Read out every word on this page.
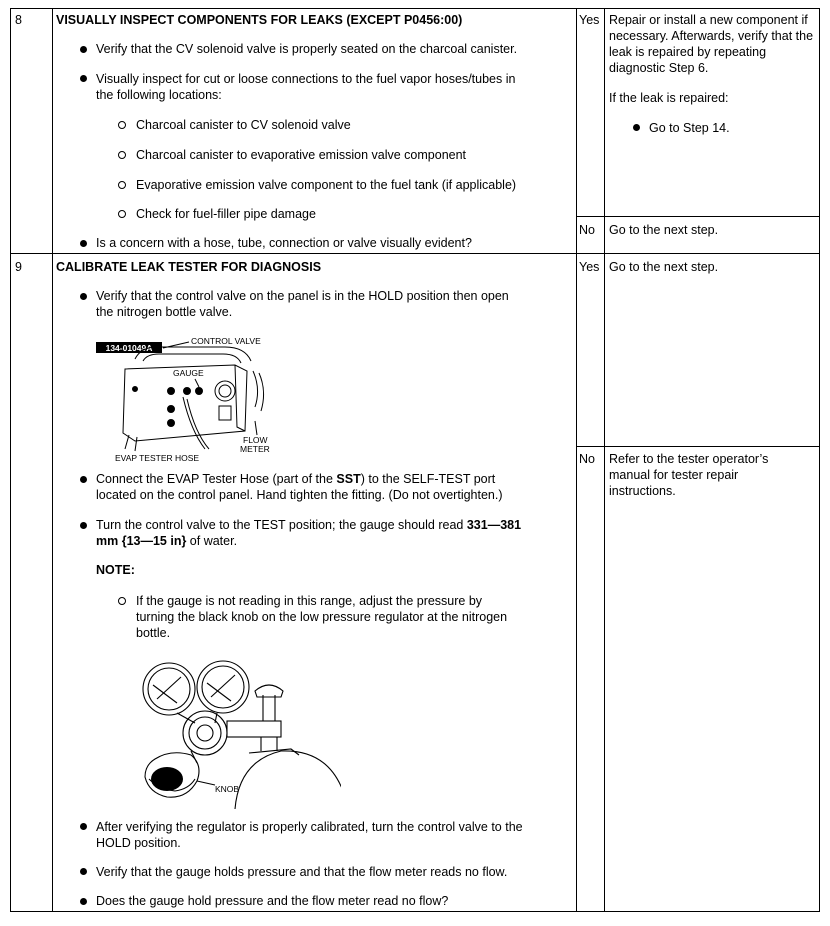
8	VISUALLY INSPECT COMPONENTS FOR LEAKS (EXCEPT P0456:00)
Verify that the CV solenoid valve is properly seated on the charcoal canister.
Visually inspect for cut or loose connections to the fuel vapor hoses/tubes in
the following locations:
Charcoal canister to CV solenoid valve
Charcoal canister to evaporative emission valve component
Evaporative emission valve component to the fuel tank (if applicable)
Check for fuel-filler pipe damage
Is a concern with a hose, tube, connection or valve visually evident?
Yes Repair or install a new component if necessary. Afterwards, verify that the leak is repaired by repeating diagnostic Step 6.
If the leak is repaired:
Go to Step 14.
No Go to the next step.
9	CALIBRATE LEAK TESTER FOR DIAGNOSIS
Verify that the control valve on the panel is in the HOLD position then open
the nitrogen bottle valve.
134-01049A
CONTROL VALVE
GAUGE
FLOW
METER
EVAP TESTER HOSE
Connect the EVAP Tester Hose (part of the SST) to the SELF-TEST port
located on the control panel. Hand tighten the fitting. (Do not overtighten.)
Turn the control valve to the TEST position; the gauge should read 331—381
mm {13—15 in} of water.
NOTE:
If the gauge is not reading in this range, adjust the pressure by
turning the black knob on the low pressure regulator at the nitrogen
bottle.
KNOB
After verifying the regulator is properly calibrated, turn the control valve to the
HOLD position.
Verify that the gauge holds pressure and that the flow meter reads no flow.
Does the gauge hold pressure and the flow meter read no flow?
Yes Go to the next step.
No Refer to the tester operator’s manual for tester repair instructions.
